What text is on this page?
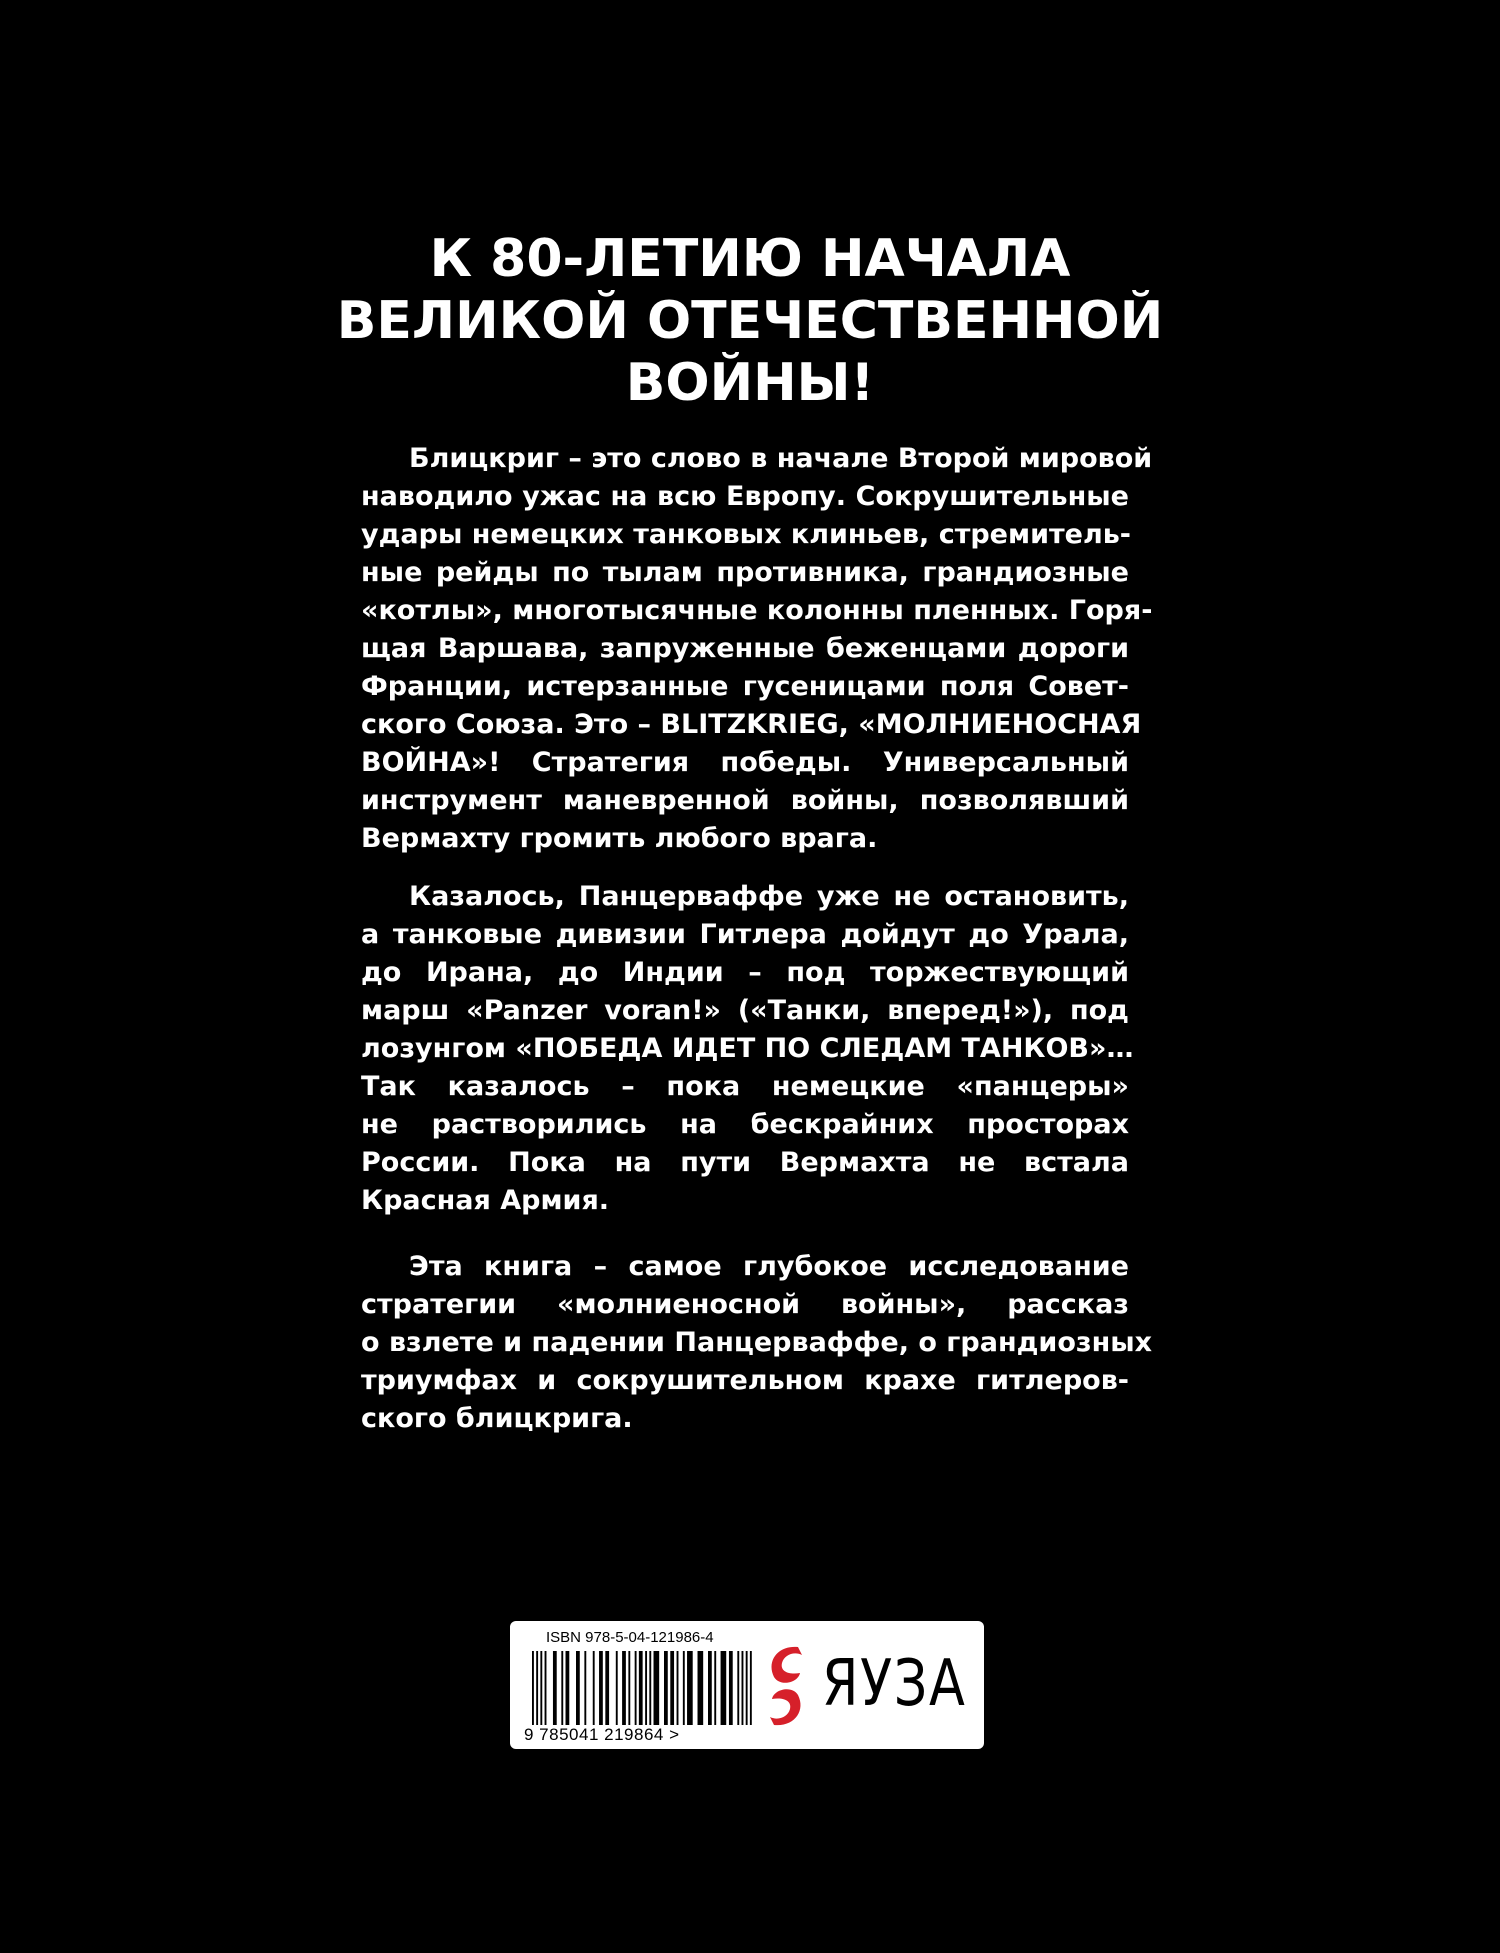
К 80-ЛЕТИЮ НАЧАЛА
ВЕЛИКОЙ ОТЕЧЕСТВЕННОЙ
ВОЙНЫ!
Блицкриг – это слово в начале Второй мировой
наводило ужас на всю Европу. Сокрушительные
удары немецких танковых клиньев, стремитель-
ные рейды по тылам противника, грандиозные
«котлы», многотысячные колонны пленных. Горя-
щая Варшава, запруженные беженцами дороги
Франции, истерзанные гусеницами поля Совет-
ского Союза. Это – BLITZKRIEG, «МОЛНИЕНОСНАЯ
ВОЙНА»! Стратегия победы. Универсальный
инструмент маневренной войны, позволявший
Вермахту громить любого врага.
Казалось, Панцерваффе уже не остановить,
а танковые дивизии Гитлера дойдут до Урала,
до Ирана, до Индии – под торжествующий
марш «Panzer voran!» («Танки, вперед!»), под
лозунгом «ПОБЕДА ИДЕТ ПО СЛЕДАМ ТАНКОВ»…
Так казалось – пока немецкие «панцеры»
не растворились на бескрайних просторах
России. Пока на пути Вермахта не встала
Красная Армия.
Эта книга – самое глубокое исследование
стратегии «молниеносной войны», рассказ
о взлете и падении Панцерваффе, о грандиозных
триумфах и сокрушительном крахе гитлеров-
ского блицкрига.
ISBN 978-5-04-121986-4
9 785041 219864 >
ЯУЗА
